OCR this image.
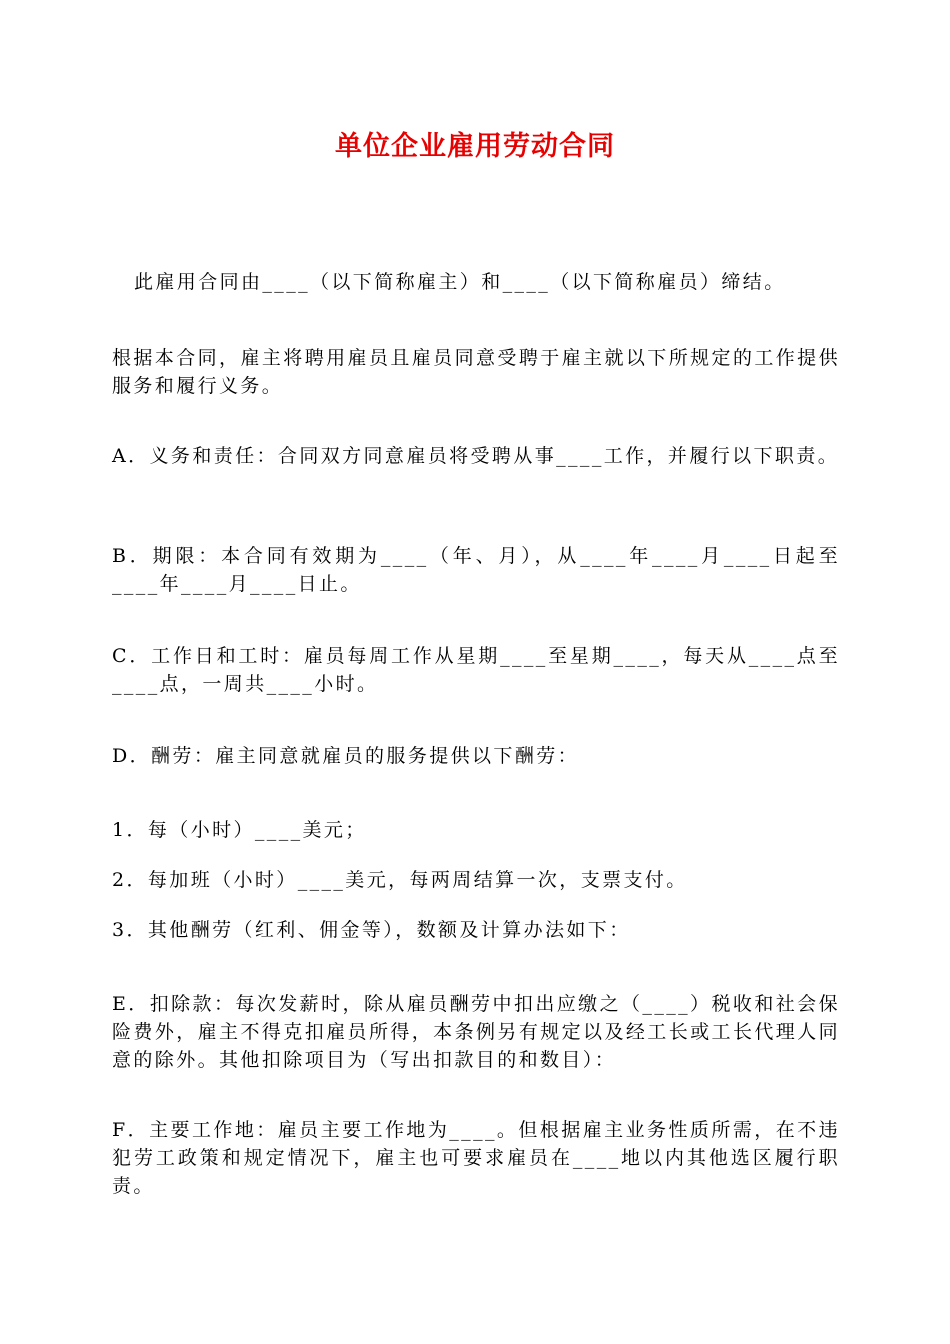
单位企业雇用劳动合同

此雇用合同由____（以下简称雇主）和____（以下简称雇员）缔结。

根据本合同，雇主将聘用雇员且雇员同意受聘于雇主就以下所规定的工作提供服务和履行义务。

A．义务和责任：合同双方同意雇员将受聘从事____工作，并履行以下职责。

B．期限：本合同有效期为____（年、月），从____年____月____日起至____年____月____日止。

C．工作日和工时：雇员每周工作从星期____至星期____，每天从____点至____点，一周共____小时。

D．酬劳：雇主同意就雇员的服务提供以下酬劳：

1．每（小时）____美元；

2．每加班（小时）____美元，每两周结算一次，支票支付。

3．其他酬劳（红利、佣金等），数额及计算办法如下：

E．扣除款：每次发薪时，除从雇员酬劳中扣出应缴之（____）税收和社会保险费外，雇主不得克扣雇员所得，本条例另有规定以及经工长或工长代理人同意的除外。其他扣除项目为（写出扣款目的和数目）：

F．主要工作地：雇员主要工作地为____。但根据雇主业务性质所需，在不违犯劳工政策和规定情况下，雇主也可要求雇员在____地以内其他选区履行职责。
